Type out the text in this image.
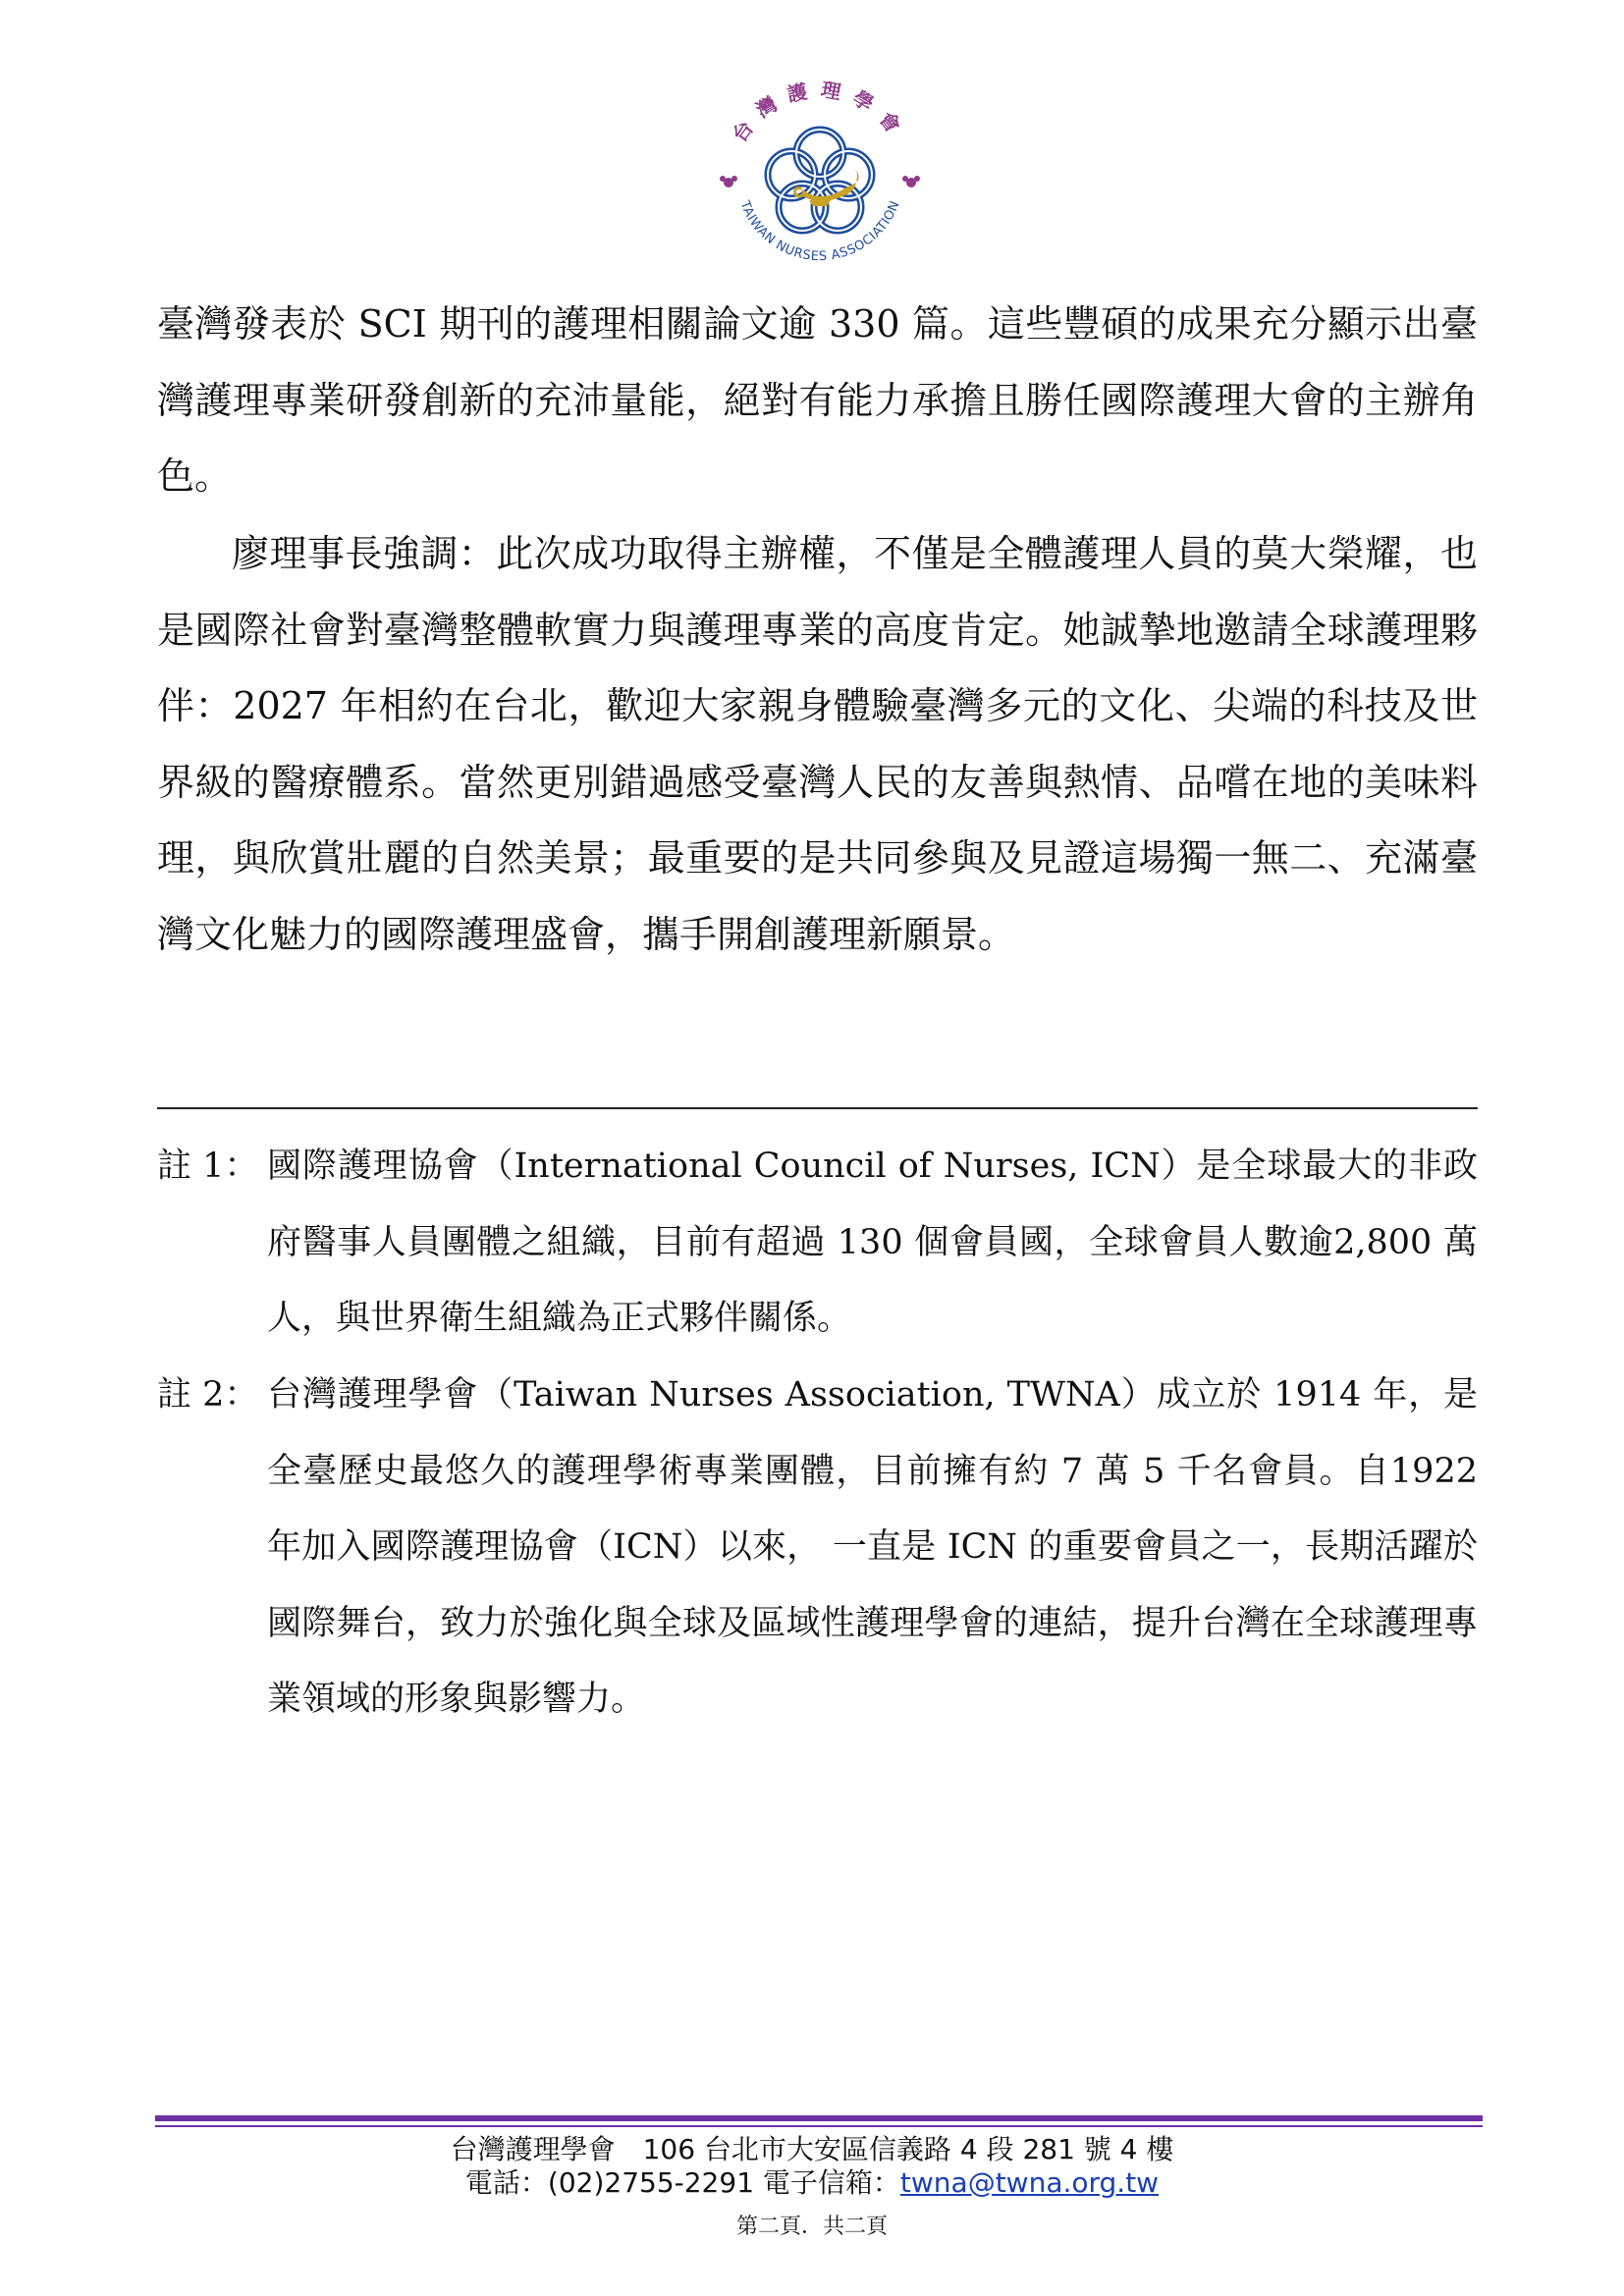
台灣護理學會
TAIWAN NURSES ASSOCIATION

臺灣發表於 SCI 期刊的護理相關論文逾 330 篇。這些豐碩的成果充分顯示出臺灣護理專業研發創新的充沛量能，絕對有能力承擔且勝任國際護理大會的主辦角色。

廖理事長強調：此次成功取得主辦權，不僅是全體護理人員的莫大榮耀，也是國際社會對臺灣整體軟實力與護理專業的高度肯定。她誠摯地邀請全球護理夥伴：2027 年相約在台北，歡迎大家親身體驗臺灣多元的文化、尖端的科技及世界級的醫療體系。當然更別錯過感受臺灣人民的友善與熱情、品嚐在地的美味料理，與欣賞壯麗的自然美景；最重要的是共同參與及見證這場獨一無二、充滿臺灣文化魅力的國際護理盛會，攜手開創護理新願景。

註 1： 國際護理協會（International Council of Nurses, ICN）是全球最大的非政府醫事人員團體之組織，目前有超過 130 個會員國，全球會員人數逾2,800 萬人，與世界衛生組織為正式夥伴關係。

註 2： 台灣護理學會（Taiwan Nurses Association, TWNA）成立於 1914 年，是全臺歷史最悠久的護理學術專業團體，目前擁有約 7 萬 5 千名會員。自1922 年加入國際護理協會（ICN）以來， 一直是 ICN 的重要會員之一，長期活躍於國際舞台，致力於強化與全球及區域性護理學會的連結，提升台灣在全球護理專業領域的形象與影響力。

台灣護理學會　106 台北市大安區信義路 4 段 281 號 4 樓
電話：(02)2755-2291 電子信箱：twna@twna.org.tw
第二頁．共二頁
